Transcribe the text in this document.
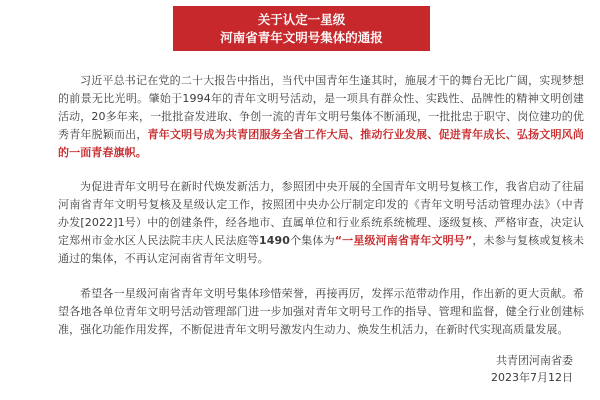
关于认定一星级
河南省青年文明号集体的通报

习近平总书记在党的二十大报告中指出，当代中国青年生逢其时，施展才干的舞台无比广阔，实现梦想的前景无比光明。肇始于1994年的青年文明号活动，是一项具有群众性、实践性、品牌性的精神文明创建活动，20多年来，一批批奋发进取、争创一流的青年文明号集体不断涌现，一批批忠于职守、岗位建功的优秀青年脱颖而出，青年文明号成为共青团服务全省工作大局、推动行业发展、促进青年成长、弘扬文明风尚的一面青春旗帜。

为促进青年文明号在新时代焕发新活力，参照团中央开展的全国青年文明号复核工作，我省启动了往届河南省青年文明号复核及星级认定工作，按照团中央办公厅制定印发的《青年文明号活动管理办法》（中青办发[2022]1号）中的创建条件，经各地市、直属单位和行业系统系统梳理、逐级复核、严格审查，决定认定郑州市金水区人民法院丰庆人民法庭等1490个集体为“一星级河南省青年文明号”，未参与复核或复核未通过的集体，不再认定河南省青年文明号。

希望各一星级河南省青年文明号集体珍惜荣誉，再接再厉，发挥示范带动作用，作出新的更大贡献。希望各地各单位青年文明号活动管理部门进一步加强对青年文明号工作的指导、管理和监督，健全行业创建标准，强化功能作用发挥，不断促进青年文明号激发内生动力、焕发生机活力，在新时代实现高质量发展。

共青团河南省委
2023年7月12日
